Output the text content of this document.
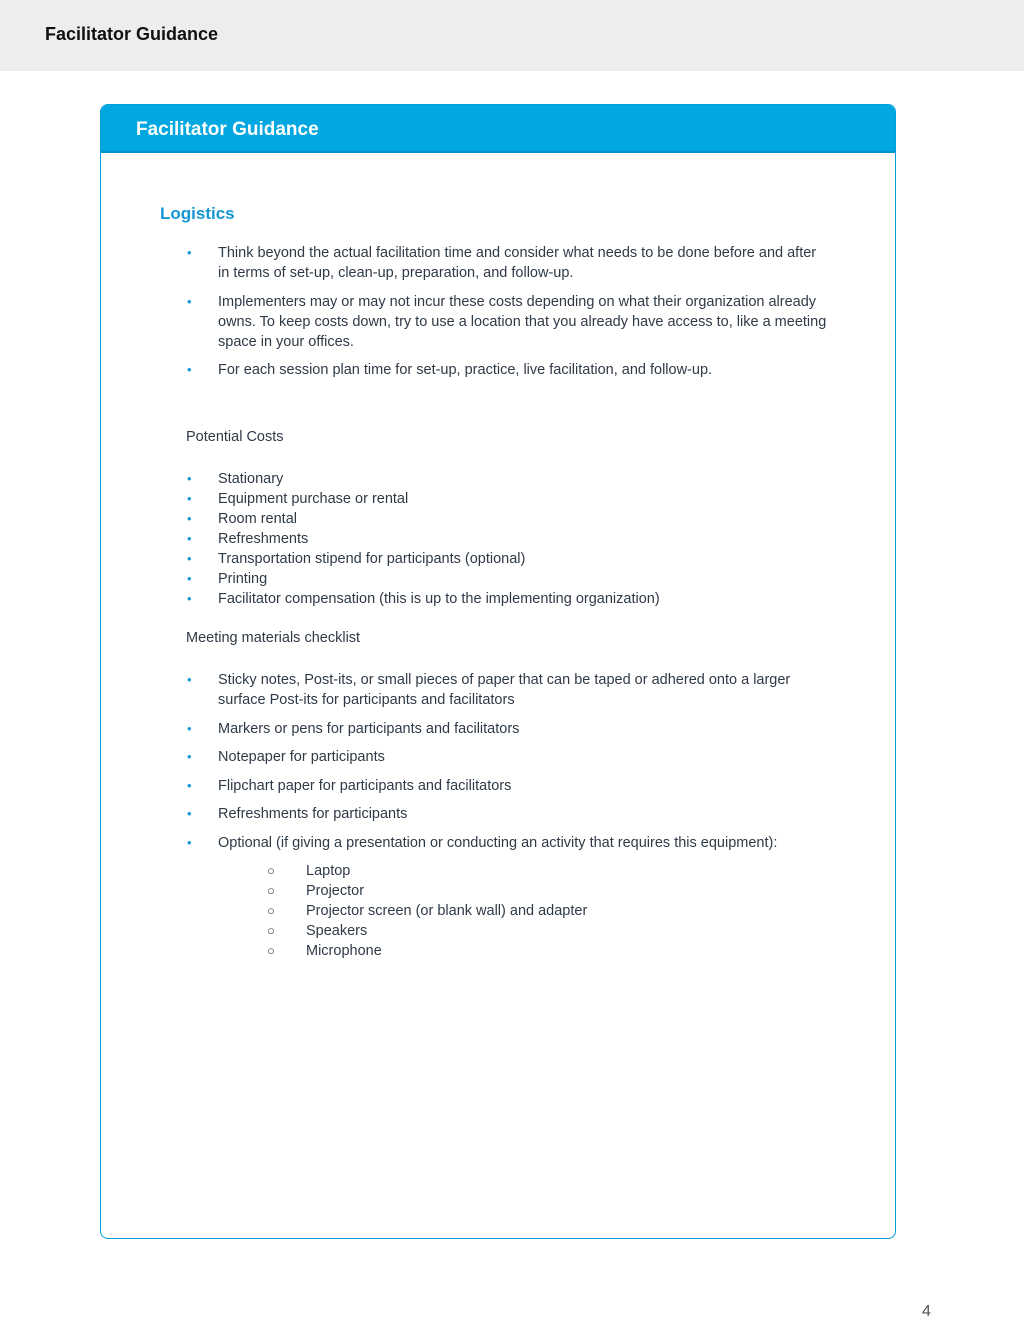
Facilitator Guidance
Facilitator Guidance
Logistics
• Think beyond the actual facilitation time and consider what needs to be done before and after in terms of set-up, clean-up, preparation, and follow-up.
• Implementers may or may not incur these costs depending on what their organization already owns. To keep costs down, try to use a location that you already have access to, like a meeting space in your offices.
• For each session plan time for set-up, practice, live facilitation, and follow-up.
Potential Costs
• Stationary
• Equipment purchase or rental
• Room rental
• Refreshments
• Transportation stipend for participants (optional)
• Printing
• Facilitator compensation (this is up to the implementing organization)
Meeting materials checklist
• Sticky notes, Post-its, or small pieces of paper that can be taped or adhered onto a larger surface Post-its for participants and facilitators
• Markers or pens for participants and facilitators
• Notepaper for participants
• Flipchart paper for participants and facilitators
• Refreshments for participants
• Optional (if giving a presentation or conducting an activity that requires this equipment):
○ Laptop
○ Projector
○ Projector screen (or blank wall) and adapter
○ Speakers
○ Microphone
4
